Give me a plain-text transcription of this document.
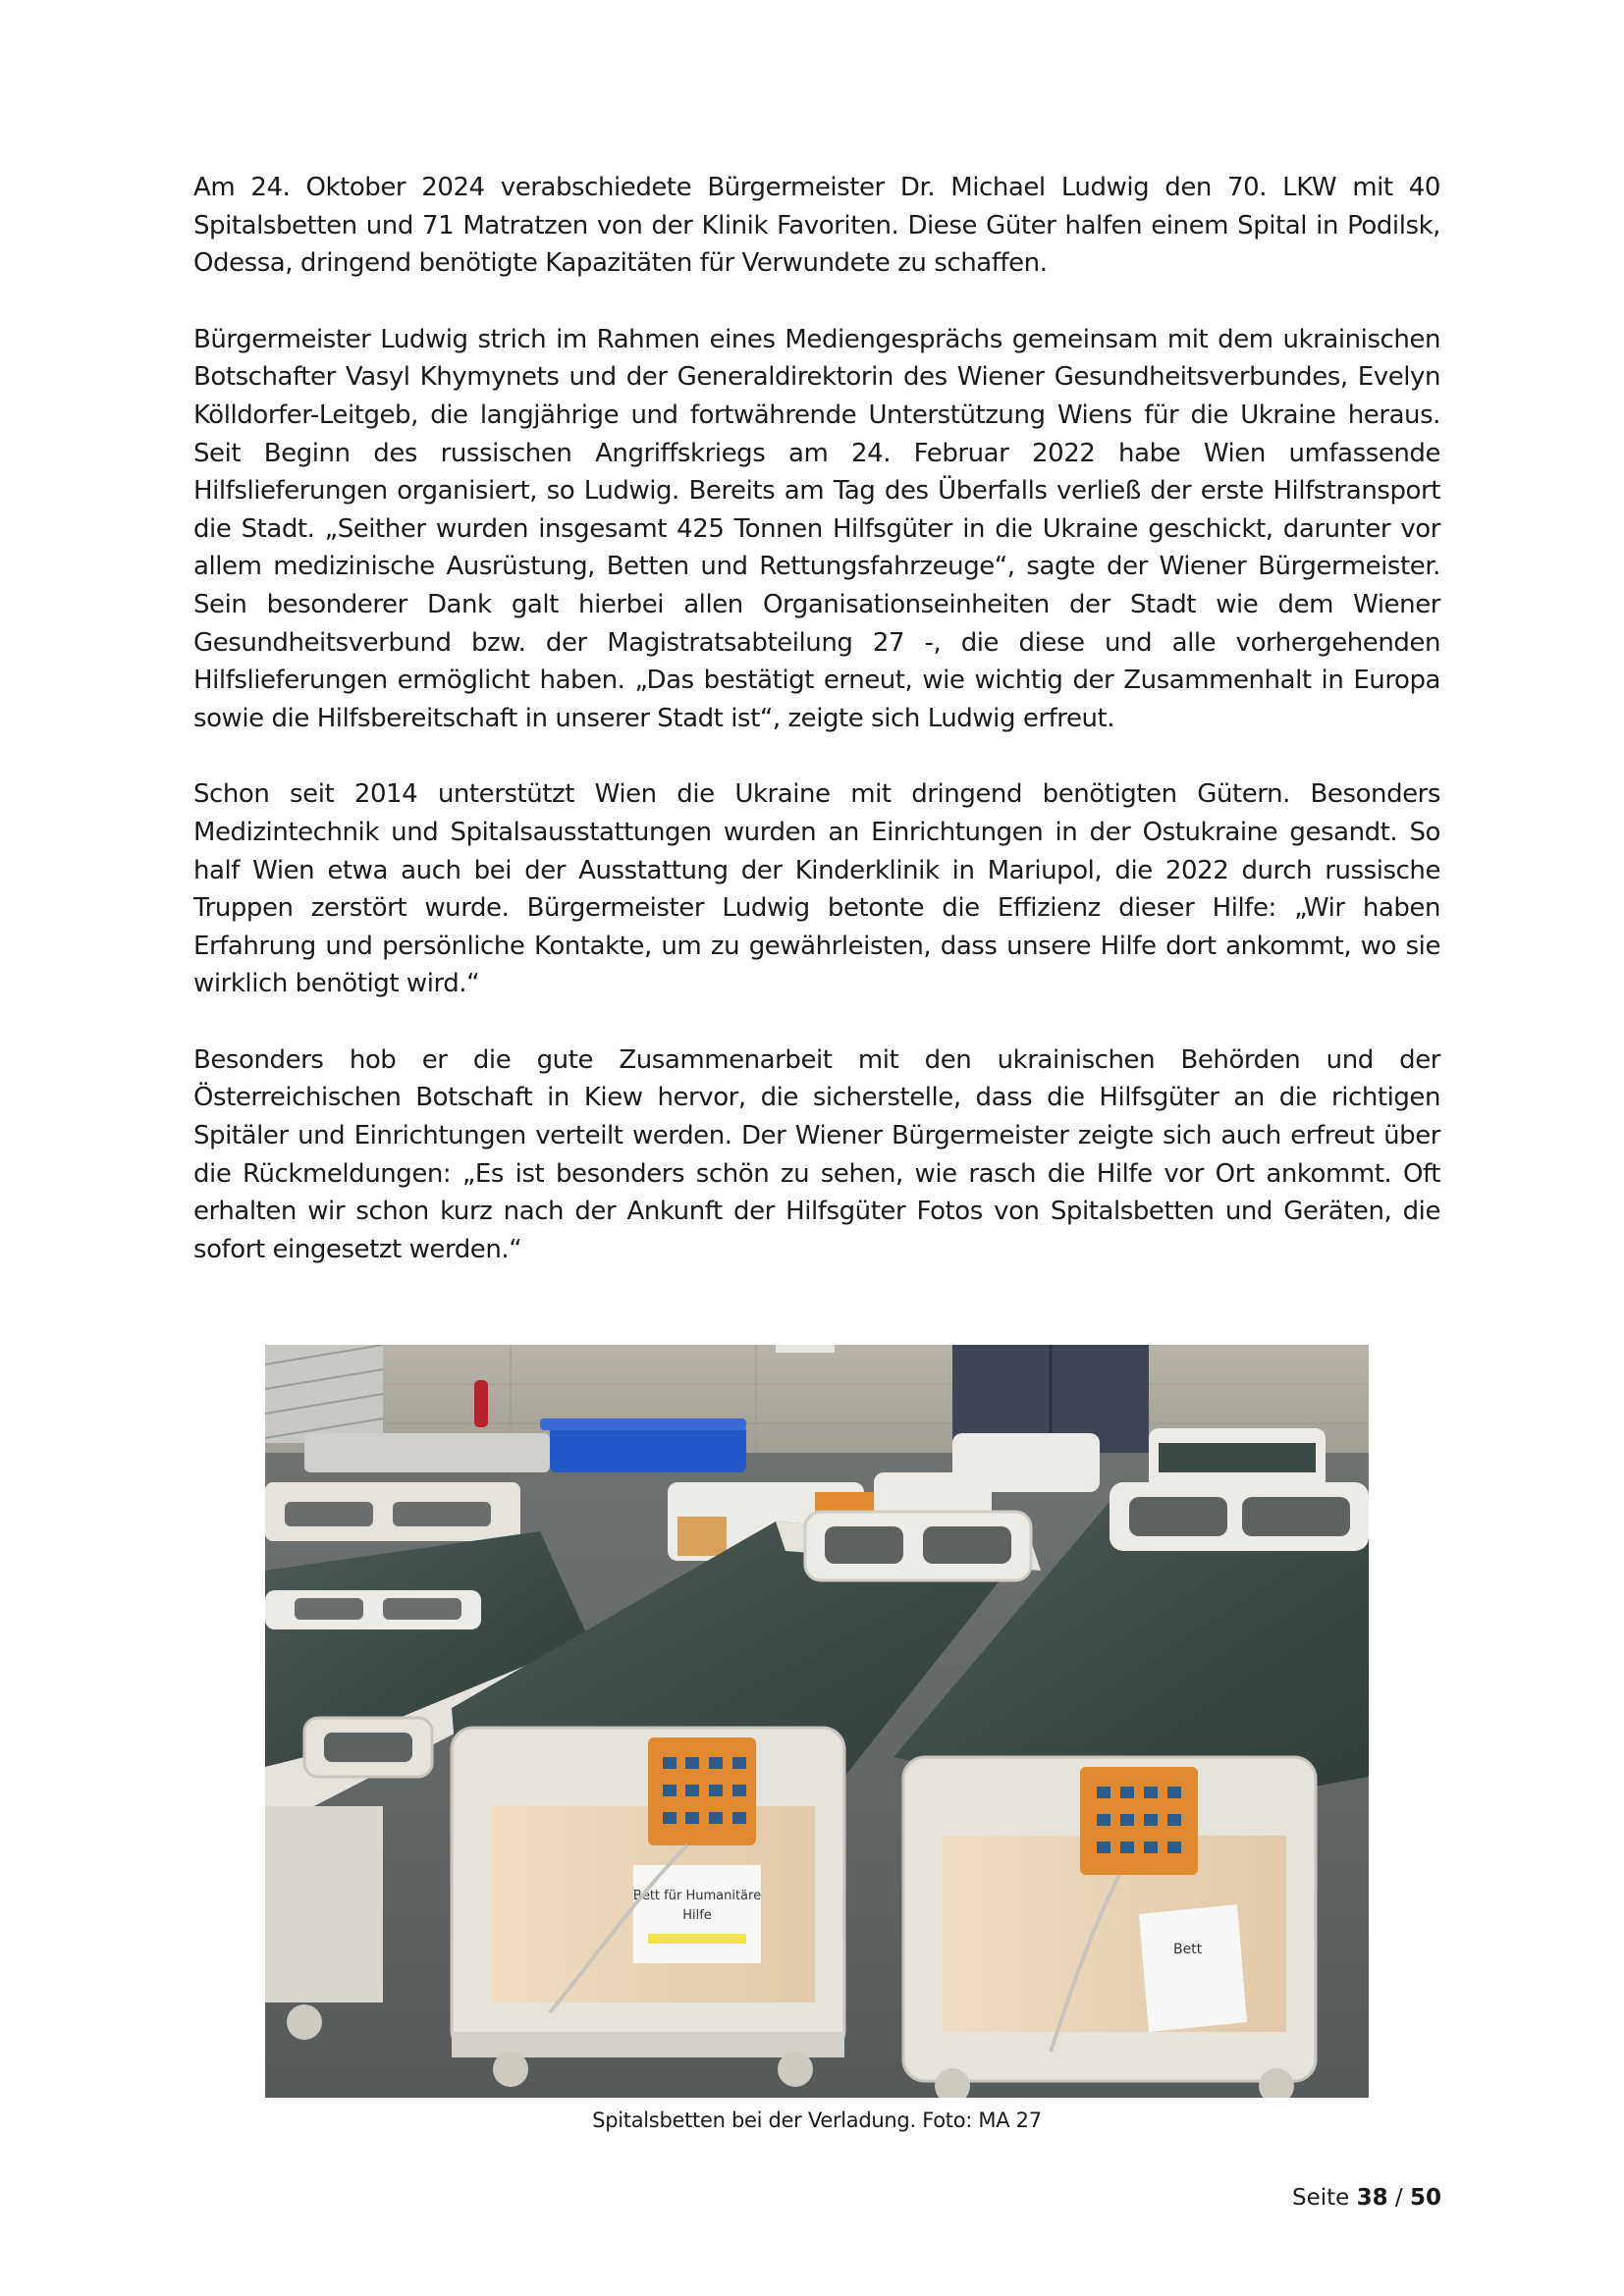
Am 24. Oktober 2024 verabschiedete Bürgermeister Dr. Michael Ludwig den 70. LKW mit 40 Spitalsbetten und 71 Matratzen von der Klinik Favoriten. Diese Güter halfen einem Spital in Podilsk, Odessa, dringend benötigte Kapazitäten für Verwundete zu schaffen.

Bürgermeister Ludwig strich im Rahmen eines Mediengesprächs gemeinsam mit dem ukrainischen Botschafter Vasyl Khymynets und der Generaldirektorin des Wiener Gesundheitsverbundes, Evelyn Kölldorfer-Leitgeb, die langjährige und fortwährende Unterstützung Wiens für die Ukraine heraus. Seit Beginn des russischen Angriffskriegs am 24. Februar 2022 habe Wien umfassende Hilfslieferungen organisiert, so Ludwig. Bereits am Tag des Überfalls verließ der erste Hilfstransport die Stadt. „Seither wurden insgesamt 425 Tonnen Hilfsgüter in die Ukraine geschickt, darunter vor allem medizinische Ausrüstung, Betten und Rettungsfahrzeuge“, sagte der Wiener Bürgermeister. Sein besonderer Dank galt hierbei allen Organisationseinheiten der Stadt wie dem Wiener Gesundheitsverbund bzw. der Magistratsabteilung 27 -, die diese und alle vorhergehenden Hilfslieferungen ermöglicht haben. „Das bestätigt erneut, wie wichtig der Zusammenhalt in Europa sowie die Hilfsbereitschaft in unserer Stadt ist“, zeigte sich Ludwig erfreut.

Schon seit 2014 unterstützt Wien die Ukraine mit dringend benötigten Gütern. Besonders Medizintechnik und Spitalsausstattungen wurden an Einrichtungen in der Ostukraine gesandt. So half Wien etwa auch bei der Ausstattung der Kinderklinik in Mariupol, die 2022 durch russische Truppen zerstört wurde. Bürgermeister Ludwig betonte die Effizienz dieser Hilfe: „Wir haben Erfahrung und persönliche Kontakte, um zu gewährleisten, dass unsere Hilfe dort ankommt, wo sie wirklich benötigt wird.“

Besonders hob er die gute Zusammenarbeit mit den ukrainischen Behörden und der Österreichischen Botschaft in Kiew hervor, die sicherstelle, dass die Hilfsgüter an die richtigen Spitäler und Einrichtungen verteilt werden. Der Wiener Bürgermeister zeigte sich auch erfreut über die Rückmeldungen: „Es ist besonders schön zu sehen, wie rasch die Hilfe vor Ort ankommt. Oft erhalten wir schon kurz nach der Ankunft der Hilfsgüter Fotos von Spitalsbetten und Geräten, die sofort eingesetzt werden.“

Bett für Humanitäre
Hilfe
Bett
Spitalsbetten bei der Verladung. Foto: MA 27
Seite 38 / 50
